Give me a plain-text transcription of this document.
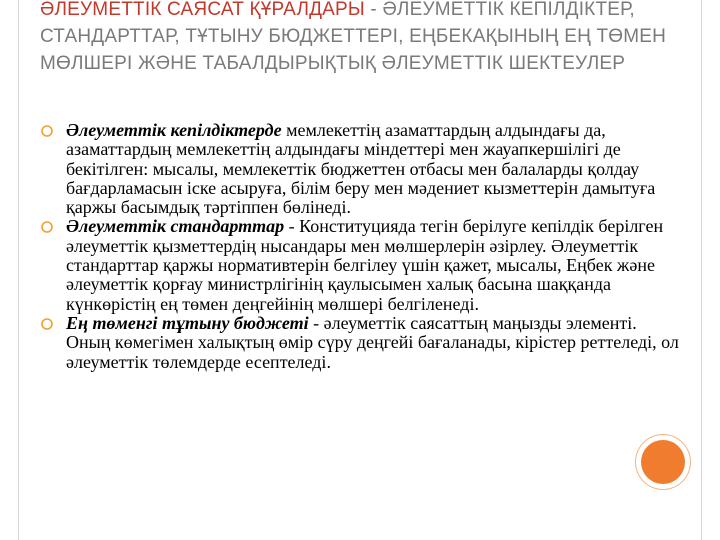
ӘЛЕУМЕТТІК САЯСАТ ҚҰРАЛДАРЫ - ӘЛЕУМЕТТІК КЕПІЛДІКТЕР, СТАНДАРТТАР, ТҰТЫНУ БЮДЖЕТТЕРІ, ЕҢБЕКАҚЫНЫҢ ЕҢ ТӨМЕН МӨЛШЕРІ ЖӘНЕ ТАБАЛДЫРЫҚТЫҚ ӘЛЕУМЕТТІК ШЕКТЕУЛЕР
Әлеуметтік кепілдіктерде мемлекеттің азаматтардың алдындағы да, азаматтардың мемлекеттің алдындағы міндеттері мен жауапкершілігі де бекітілген: мысалы, мемлекеттік бюджеттен отбасы мен балаларды қолдау бағдарламасын іске асыруға, білім беру мен мәдениет кызметтерін дамытуға қаржы басымдық тәртіппен бөлінеді.
Әлеуметтік стандарттар - Конституцияда тегін берілуге кепілдік берілген әлеуметтік қызметтердің нысандары мен мөлшерлерін әзірлеу. Әлеуметтік стандарттар қаржы нормативтерін белгілеу үшін қажет, мысалы, Еңбек және әлеуметтік қорғау министрлігінің қаулысымен халық басына шаққанда күнкөрістің ең төмен деңгейінің мөлшері белгіленеді.
Ең төменгі тұтыну бюджеті - әлеуметтік саясаттың маңызды элементі. Оның көмегімен халықтың өмір сүру деңгейі бағаланады, кірістер реттеледі, ол әлеуметтік төлемдерде есептеледі.
